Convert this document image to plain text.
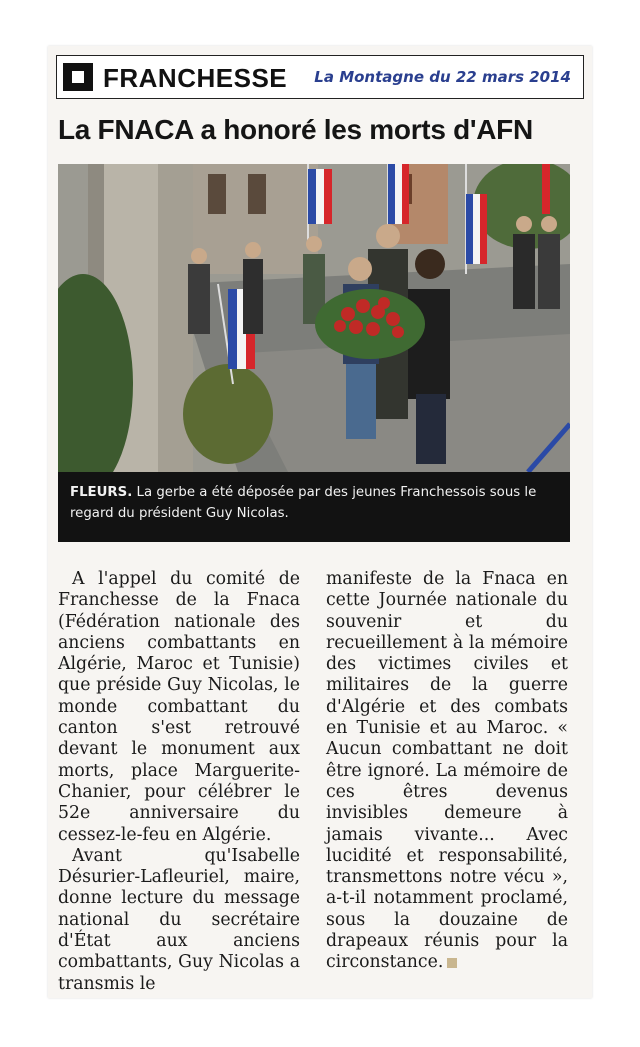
FRANCHESSE La Montagne du 22 mars 2014
La FNACA a honoré les morts d'AFN
FLEURS. La gerbe a été déposée par des jeunes Franchessois sous le regard du président Guy Nicolas.

A l'appel du comité de Franchesse de la Fnaca (Fédération nationale des anciens combattants en Algérie, Maroc et Tunisie) que préside Guy Nicolas, le monde combattant du canton s'est retrouvé devant le monument aux morts, place Marguerite-Chanier, pour célébrer le 52e anniversaire du cessez-le-feu en Algérie.

Avant qu'Isabelle Désurier-Lafleuriel, maire, donne lecture du message national du secrétaire d'État aux anciens combattants, Guy Nicolas a transmis le

manifeste de la Fnaca en cette Journée nationale du souvenir et du recueillement à la mémoire des victimes civiles et militaires de la guerre d'Algérie et des combats en Tunisie et au Maroc. « Aucun combattant ne doit être ignoré. La mémoire de ces êtres devenus invisibles demeure à jamais vivante... Avec lucidité et responsabilité, transmettons notre vécu », a-t-il notamment proclamé, sous la douzaine de drapeaux réunis pour la circonstance.
